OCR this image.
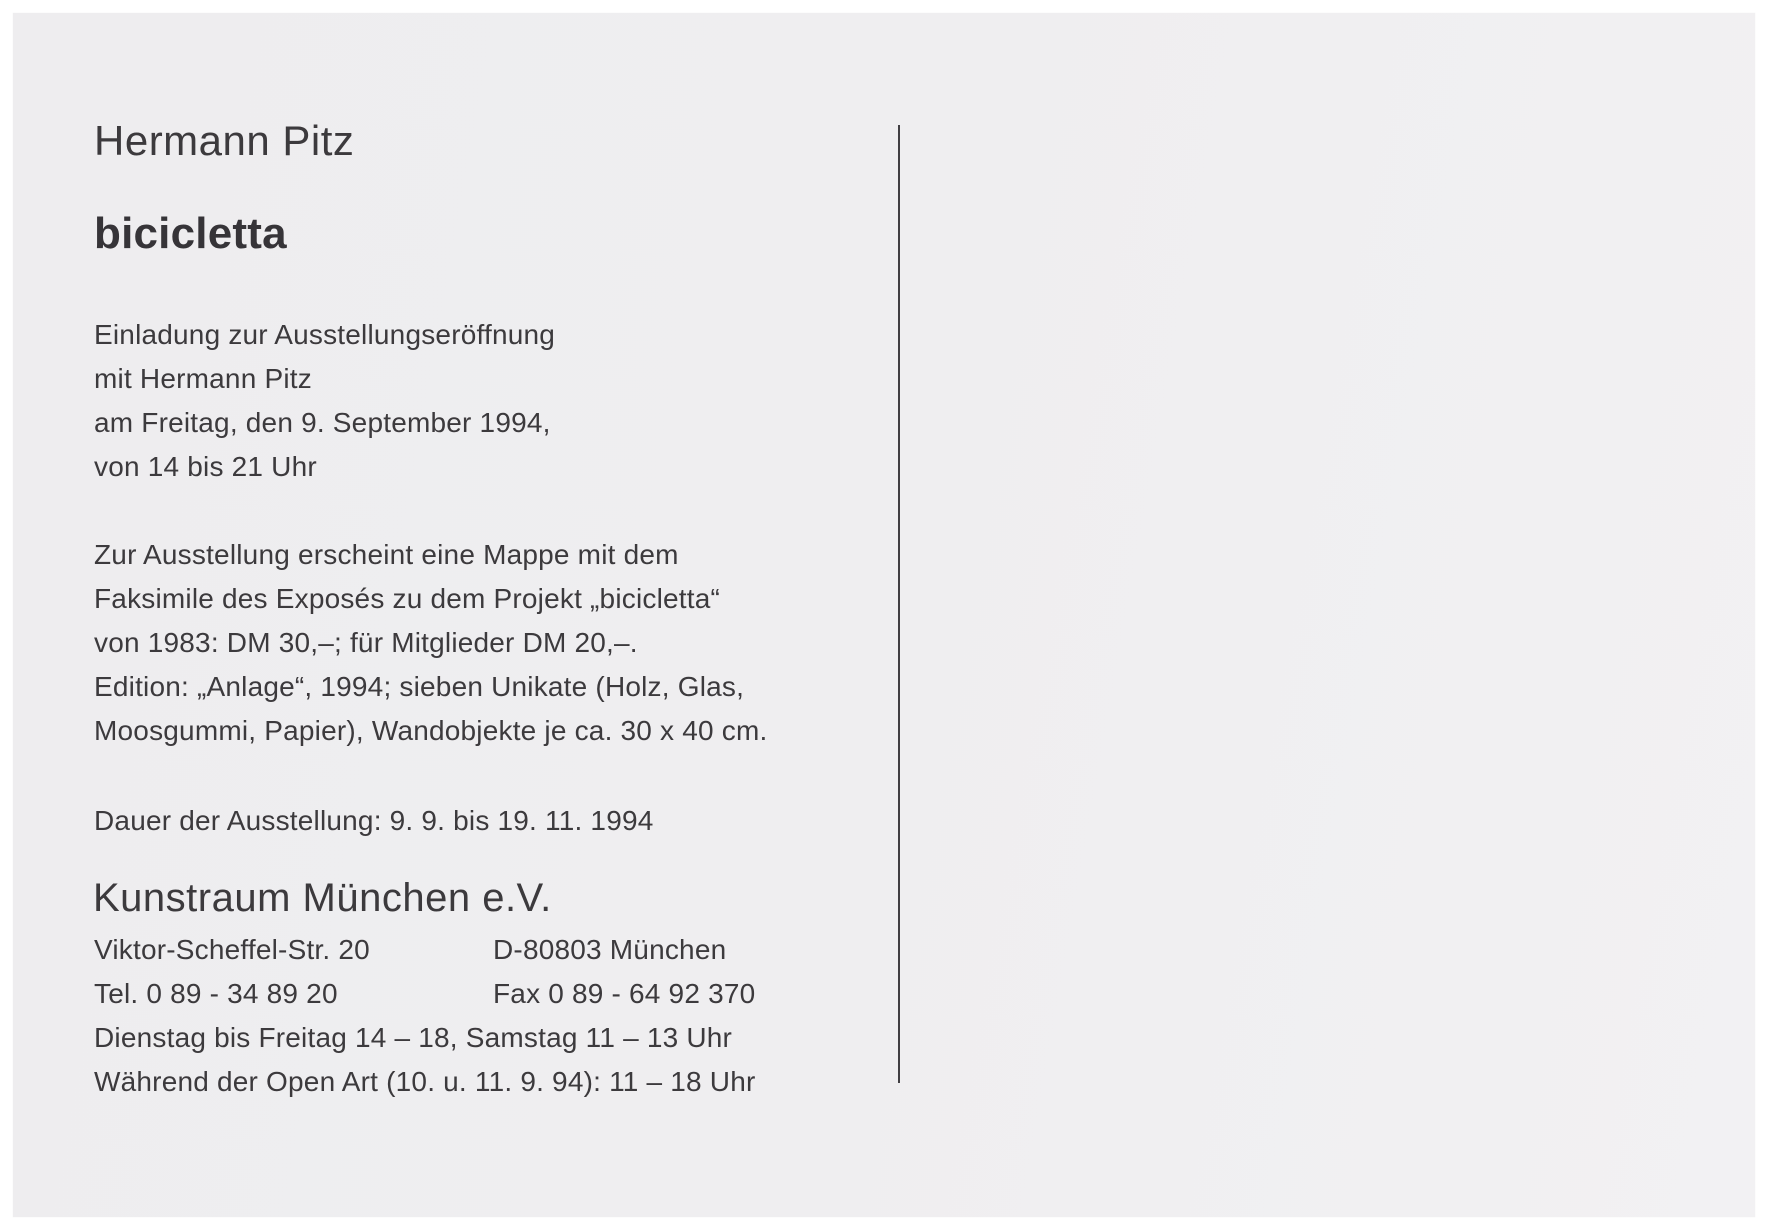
Hermann Pitz
bicicletta
Einladung zur Ausstellungseröffnung
mit Hermann Pitz
am Freitag, den 9. September 1994,
von 14 bis 21 Uhr
Zur Ausstellung erscheint eine Mappe mit dem
Faksimile des Exposés zu dem Projekt „bicicletta“
von 1983: DM 30,–; für Mitglieder DM 20,–.
Edition: „Anlage“, 1994; sieben Unikate (Holz, Glas,
Moosgummi, Papier), Wandobjekte je ca. 30 x 40 cm.
Dauer der Ausstellung: 9. 9. bis 19. 11. 1994
Kunstraum München e.V.
Viktor-Scheffel-Str. 20	D-80803 München
Tel. 0 89 - 34 89 20	Fax 0 89 - 64 92 370
Dienstag bis Freitag 14 – 18, Samstag 11 – 13 Uhr
Während der Open Art (10. u. 11. 9. 94): 11 – 18 Uhr
